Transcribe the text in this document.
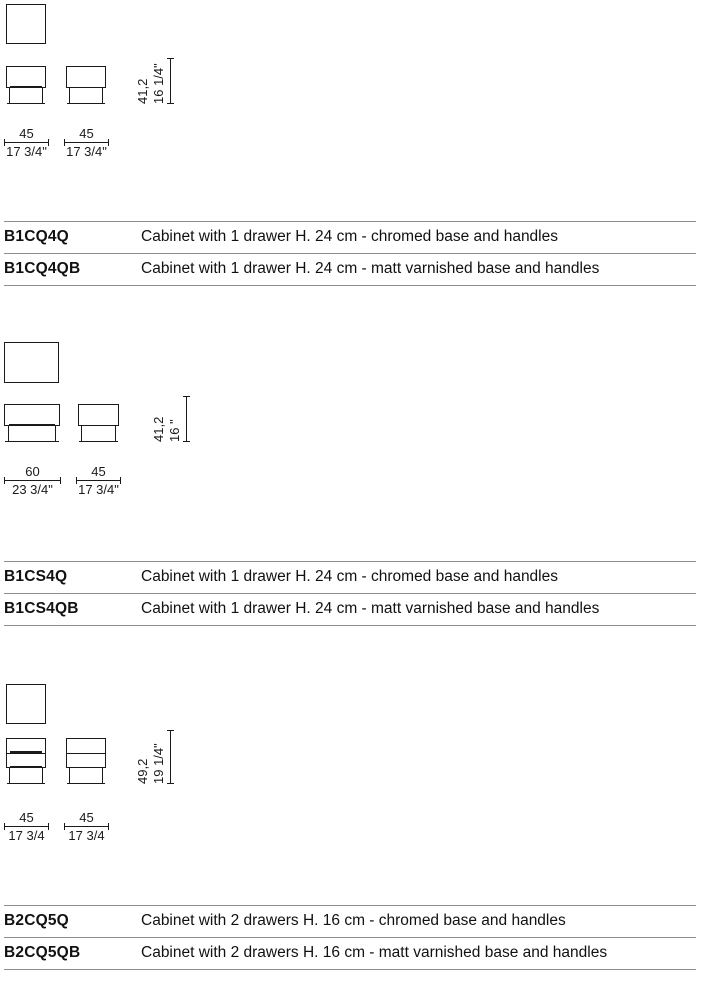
41,2 16 1/4"
45
17 3/4"
45
17 3/4"
B1CQ4Q	Cabinet with 1 drawer H. 24 cm - chromed base and handles
B1CQ4QB	Cabinet with 1 drawer H. 24 cm - matt varnished base and handles
41,2 16 "
60
23 3/4"
45
17 3/4"
B1CS4Q	Cabinet with 1 drawer H. 24 cm - chromed base and handles
B1CS4QB	Cabinet with 1 drawer H. 24 cm - matt varnished base and handles
49,2 19 1/4"
45
17 3/4
45
17 3/4
B2CQ5Q	Cabinet with 2 drawers H. 16 cm - chromed base and handles
B2CQ5QB	Cabinet with 2 drawers H. 16 cm - matt varnished base and handles
